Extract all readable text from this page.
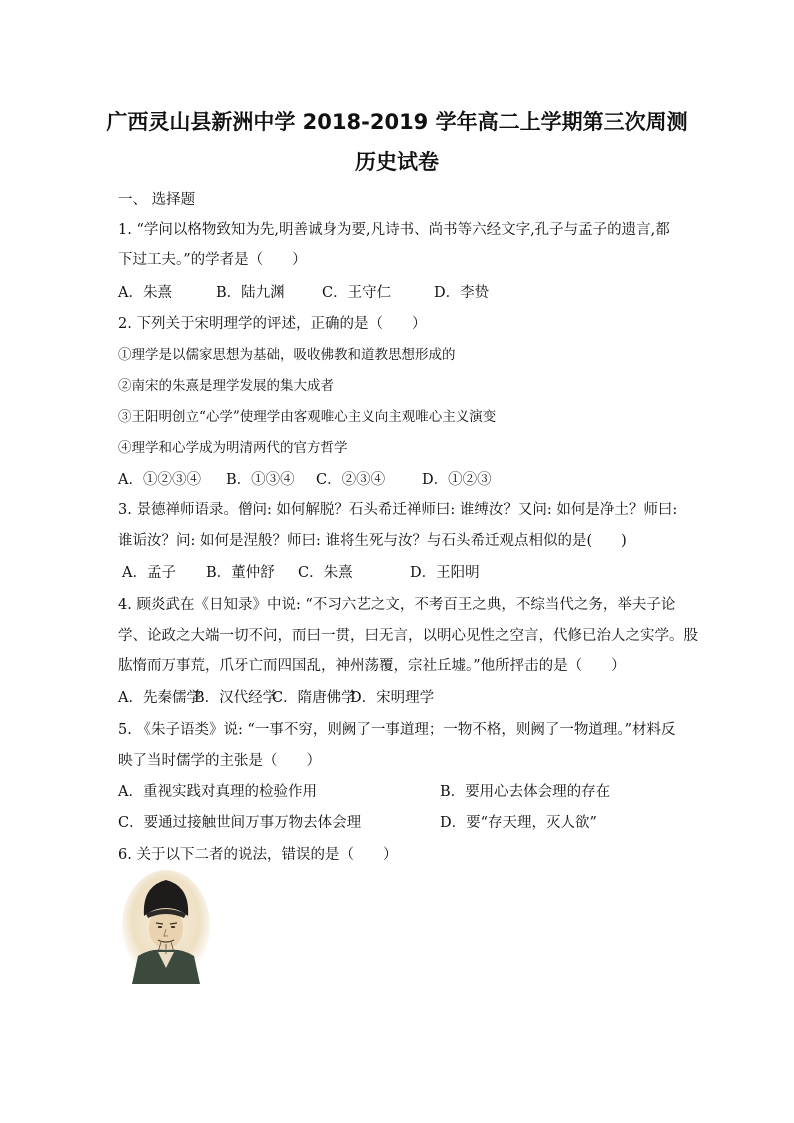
广西灵山县新洲中学 2018-2019 学年高二上学期第三次周测
历史试卷
一、 选择题
1. “学问以格物致知为先,明善诚身为要,凡诗书、尚书等六经文字,孔子与孟子的遗言,都
下过工夫。”的学者是（　　）
A．朱熹	B．陆九渊	C．王守仁	D．李贽
2. 下列关于宋明理学的评述，正确的是（　　）
①理学是以儒家思想为基础，吸收佛教和道教思想形成的
②南宋的朱熹是理学发展的集大成者
③王阳明创立“心学”使理学由客观唯心主义向主观唯心主义演变
④理学和心学成为明清两代的官方哲学
A．①②③④ B．①③④ C．②③④	D．①②③
3. 景德禅师语录。僧问: 如何解脱？石头希迁禅师曰: 谁缚汝？又问: 如何是净土？师曰:
谁诟汝？问: 如何是涅般？师曰: 谁将生死与汝？与石头希迁观点相似的是(　　)
A．孟子 B．董仲舒 C．朱熹	D．王阳明
4. 顾炎武在《日知录》中说: “不习六艺之文，不考百王之典，不综当代之务，举夫子论
学、论政之大端一切不问，而曰一贯，曰无言，以明心见性之空言，代修已治人之实学。股
肱惰而万事荒，爪牙亡而四国乱，神州荡覆，宗社丘墟。”他所抨击的是（　　）
A．先秦儒学B．汉代经学C．隋唐佛学D．宋明理学
5. 《朱子语类》说: “一事不穷，则阙了一事道理；一物不格，则阙了一物道理。”材料反
映了当时儒学的主张是（　　）
A．重视实践对真理的检验作用	B．要用心去体会理的存在
C．要通过接触世间万事万物去体会理	D．要“存天理，灭人欲”
6. 关于以下二者的说法，错误的是（　　）
